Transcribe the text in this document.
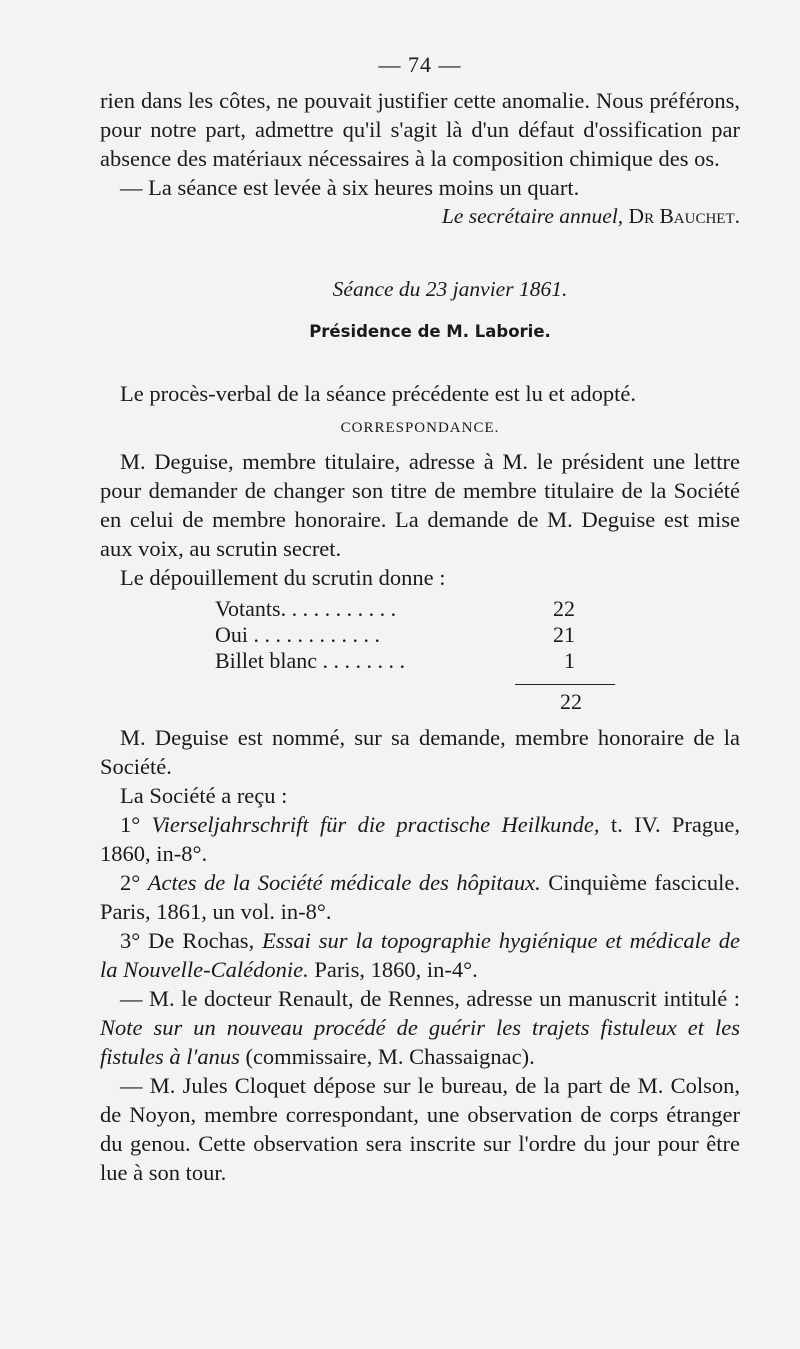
— 74 —

rien dans les côtes, ne pouvait justifier cette anomalie. Nous préférons, pour notre part, admettre qu'il s'agit là d'un défaut d'ossification par absence des matériaux nécessaires à la composition chimique des os.

— La séance est levée à six heures moins un quart.

Le secrétaire annuel, Dr Bauchet.
Séance du 23 janvier 1861.
Présidence de M. Laborie.

Le procès-verbal de la séance précédente est lu et adopté.

CORRESPONDANCE.

M. Deguise, membre titulaire, adresse à M. le président une lettre pour demander de changer son titre de membre titulaire de la Société en celui de membre honoraire. La demande de M. Deguise est mise aux voix, au scrutin secret.

Le dépouillement du scrutin donne :

Votants. . . . . . . . . . .	22
Oui . . . . . . . . . . . .	21
Billet blanc . . . . . . . .	1
22

M. Deguise est nommé, sur sa demande, membre honoraire de la Société.

La Société a reçu :

1° Vierseljahrschrift für die practische Heilkunde, t. IV. Prague, 1860, in-8°.

2° Actes de la Société médicale des hôpitaux. Cinquième fascicule. Paris, 1861, un vol. in-8°.

3° De Rochas, Essai sur la topographie hygiénique et médicale de la Nouvelle-Calédonie. Paris, 1860, in-4°.

— M. le docteur Renault, de Rennes, adresse un manuscrit intitulé : Note sur un nouveau procédé de guérir les trajets fistuleux et les fistules à l'anus (commissaire, M. Chassaignac).

— M. Jules Cloquet dépose sur le bureau, de la part de M. Colson, de Noyon, membre correspondant, une observation de corps étranger du genou. Cette observation sera inscrite sur l'ordre du jour pour être lue à son tour.
